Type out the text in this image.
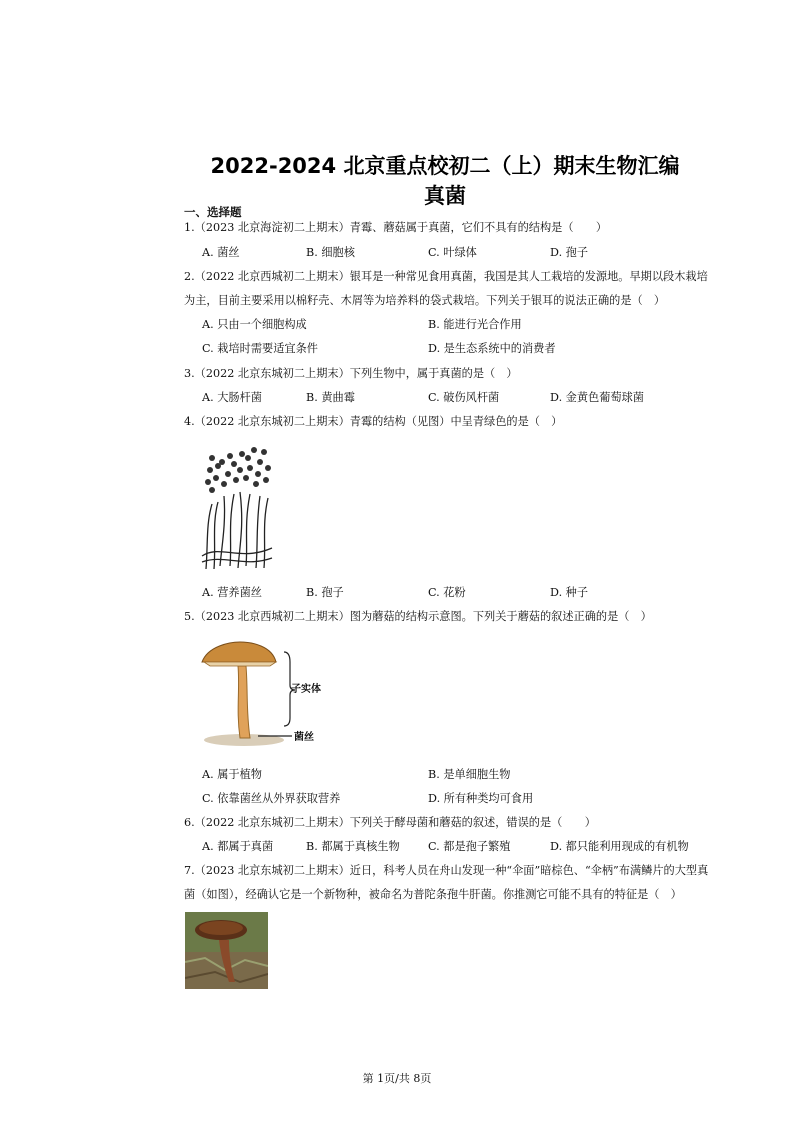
2022-2024 北京重点校初二（上）期末生物汇编
真菌
一、选择题
1.（2023 北京海淀初二上期末）青霉、蘑菇属于真菌，它们不具有的结构是（　　）
A. 菌丝	B. 细胞核	C. 叶绿体	D. 孢子
2.（2022 北京西城初二上期末）银耳是一种常见食用真菌，我国是其人工栽培的发源地。早期以段木栽培
为主，目前主要采用以棉籽壳、木屑等为培养料的袋式栽培。下列关于银耳的说法正确的是（　）
A. 只由一个细胞构成	B. 能进行光合作用
C. 栽培时需要适宜条件	D. 是生态系统中的消费者
3.（2022 北京东城初二上期末）下列生物中，属于真菌的是（　）
A. 大肠杆菌	B. 黄曲霉	C. 破伤风杆菌	D. 金黄色葡萄球菌
4.（2022 北京东城初二上期末）青霉的结构（见图）中呈青绿色的是（　）
A. 营养菌丝	B. 孢子	C. 花粉	D. 种子
5.（2023 北京西城初二上期末）图为蘑菇的结构示意图。下列关于蘑菇的叙述正确的是（　）
子实体
菌丝
A. 属于植物	B. 是单细胞生物
C. 依靠菌丝从外界获取营养	D. 所有种类均可食用
6.（2022 北京东城初二上期末）下列关于酵母菌和蘑菇的叙述，错误的是（　　）
A. 都属于真菌	B. 都属于真核生物	C. 都是孢子繁殖	D. 都只能利用现成的有机物
7.（2023 北京东城初二上期末）近日，科考人员在舟山发现一种“伞面”暗棕色、“伞柄”布满鳞片的大型真
菌（如图），经确认它是一个新物种，被命名为普陀条孢牛肝菌。你推测它可能不具有的特征是（　）
第 1页/共 8页
